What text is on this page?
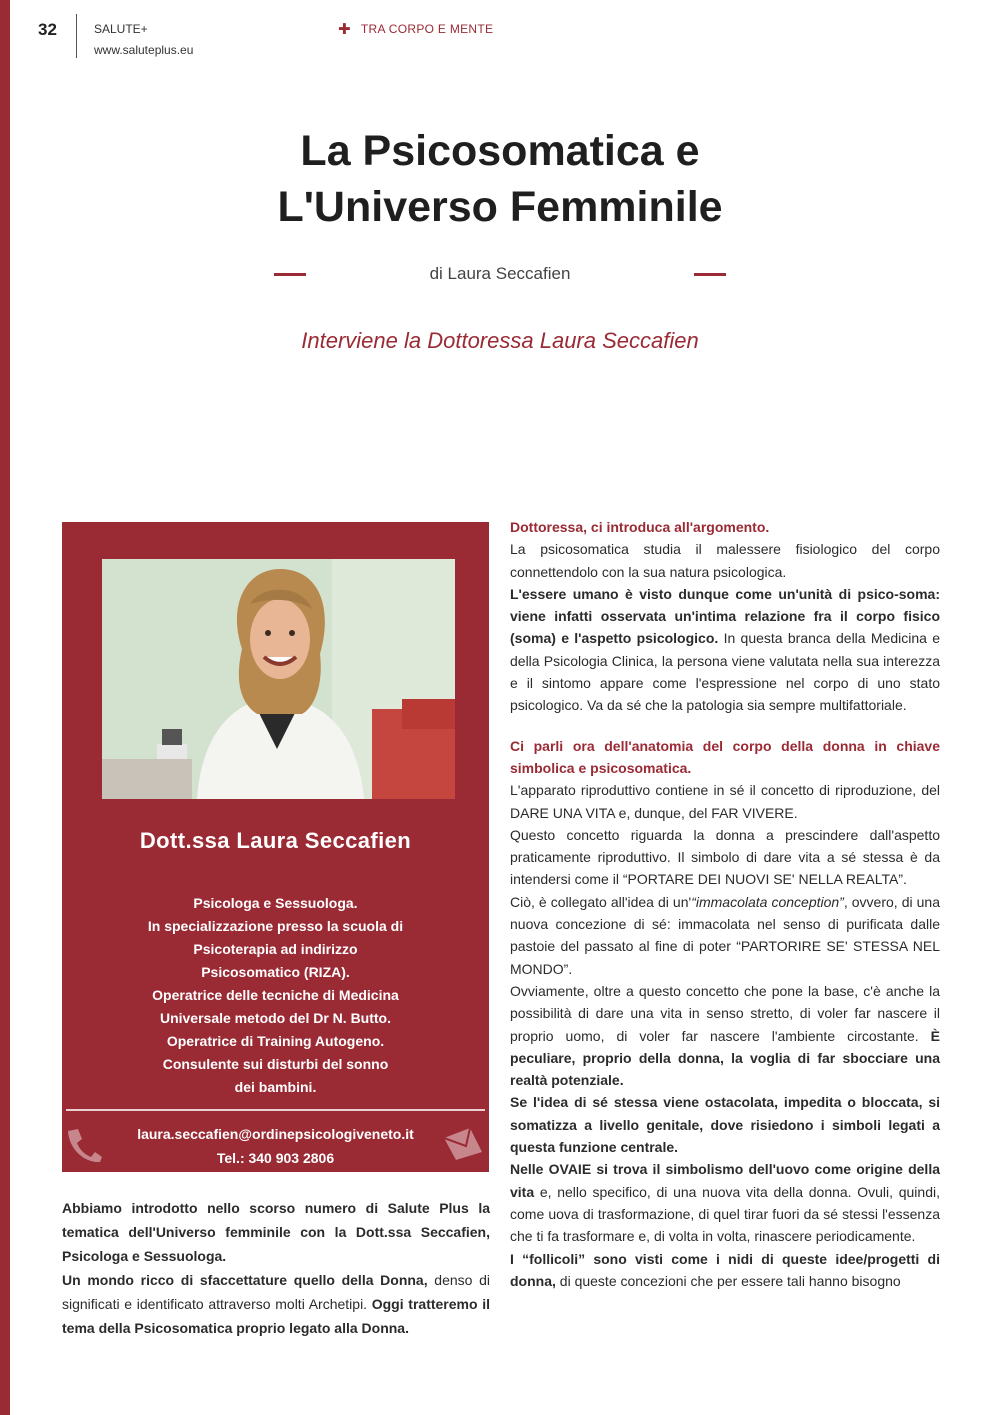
32	SALUTE+
www.saluteplus.eu
✚ TRA CORPO E MENTE
La Psicosomatica e
L'Universo Femminile
di Laura Seccafien
Interviene la Dottoressa Laura Seccafien
Dott.ssa Laura Seccafien

Psicologa e Sessuologa.
In specializzazione presso la scuola di
Psicoterapia ad indirizzo
Psicosomatico (RIZA).
Operatrice delle tecniche di Medicina
Universale metodo del Dr N. Butto.
Operatrice di Training Autogeno.
Consulente sui disturbi del sonno
dei bambini.

laura.seccafien@ordinepsicologiveneto.it
Tel.: 340 903 2806

Abbiamo introdotto nello scorso numero di Salute Plus la tematica dell'Universo femminile con la Dott.ssa Seccafien, Psicologa e Sessuologa.

Un mondo ricco di sfaccettature quello della Donna, denso di significati e identificato attraverso molti Archetipi. Oggi tratteremo il tema della Psicosomatica proprio legato alla Donna.

Dottoressa, ci introduca all'argomento.

La psicosomatica studia il malessere fisiologico del corpo connettendolo con la sua natura psicologica.

L'essere umano è visto dunque come un'unità di psico-soma: viene infatti osservata un'intima relazione fra il corpo fisico (soma) e l'aspetto psicologico. In questa branca della Medicina e della Psicologia Clinica, la persona viene valutata nella sua interezza e il sintomo appare come l'espressione nel corpo di uno stato psicologico. Va da sé che la patologia sia sempre multifattoriale.

Ci parli ora dell'anatomia del corpo della donna in chiave simbolica e psicosomatica.

L'apparato riproduttivo contiene in sé il concetto di riproduzione, del DARE UNA VITA e, dunque, del FAR VIVERE.

Questo concetto riguarda la donna a prescindere dall'aspetto praticamente riproduttivo. Il simbolo di dare vita a sé stessa è da intendersi come il “PORTARE DEI NUOVI SE' NELLA REALTA”.

Ciò, è collegato all'idea di un'“immacolata conception”, ovvero, di una nuova concezione di sé: immacolata nel senso di purificata dalle pastoie del passato al fine di poter “PARTORIRE SE' STESSA NEL MONDO”.

Ovviamente, oltre a questo concetto che pone la base, c'è anche la possibilità di dare una vita in senso stretto, di voler far nascere il proprio uomo, di voler far nascere l'ambiente circostante. È peculiare, proprio della donna, la voglia di far sbocciare una realtà potenziale.

Se l'idea di sé stessa viene ostacolata, impedita o bloccata, si somatizza a livello genitale, dove risiedono i simboli legati a questa funzione centrale.

Nelle OVAIE si trova il simbolismo dell'uovo come origine della vita e, nello specifico, di una nuova vita della donna. Ovuli, quindi, come uova di trasformazione, di quel tirar fuori da sé stessi l'essenza che ti fa trasformare e, di volta in volta, rinascere periodicamente.

I “follicoli” sono visti come i nidi di queste idee/progetti di donna, di queste concezioni che per essere tali hanno bisogno
